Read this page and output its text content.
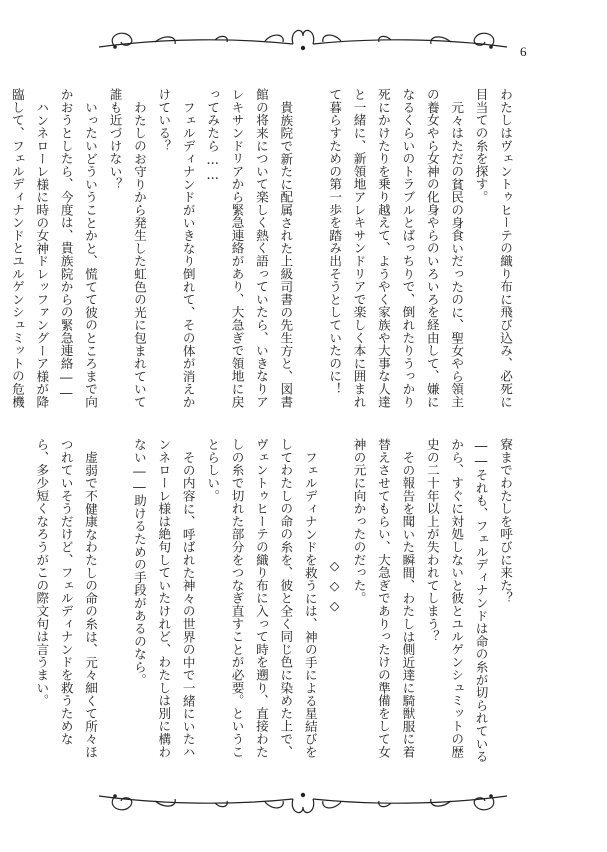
6

わたしはヴェントゥヒーテの織り布に飛び込み、必死に目当ての糸を探す。

元々はただの貧民の身食いだったのに、聖女やら領主の養女やら女神の化身やらのいろいろを経由して、嫌になるくらいのトラブルとばっちりで、倒れたりうっかり死にかけたりを乗り越えて、ようやく家族や大事な人達と一緒に、新領地アレキサンドリアで楽しく本に囲まれて暮らすための第一歩を踏み出そうとしていたのに！

貴族院で新たに配属された上級司書の先生方と、図書館の将来について楽しく熱く語っていたら、いきなりアレキサンドリアから緊急連絡があり、大急ぎで領地に戻ってみたら……

フェルディナンドがいきなり倒れて、その体が消えかけている？

わたしのお守りから発生した虹色の光に包まれていて誰も近づけない？

いったいどういうことかと、慌てて彼のところまで向かおうとしたら、今度は、貴族院からの緊急連絡――

ハンネローレ様に時の女神ドレッファングーア様が降臨して、フェルディナンドとユルゲンシュミットの危機

寮までわたしを呼びに来た？

――それも、フェルディナンドは命の糸が切られているから、すぐに対処しないと彼とユルゲンシュミットの歴史の二十年以上が失われてしまう？

その報告を聞いた瞬間、わたしは側近達に騎獣服に着替えさせてもらい、大急ぎでありったけの準備をして女神の元に向かったのだった。

◇◇◇

フェルディナンドを救うには、神の手による星結びをしてわたしの命の糸を、彼と全く同じ色に染めた上で、ヴェントゥヒーテの織り布に入って時を遡り、直接わたしの糸で切れた部分をつなぎ直すことが必要。ということらしい。

その内容に、呼ばれた神々の世界の中で一緒にいたハンネローレ様は絶句していたけれど、わたしは別に構わない――助けるための手段があるのなら。

虚弱で不健康なわたしの命の糸は、元々細くて所々ほつれていそうだけど、フェルディナンドを救うためなら、多少短くなろうがこの際文句は言うまい。
